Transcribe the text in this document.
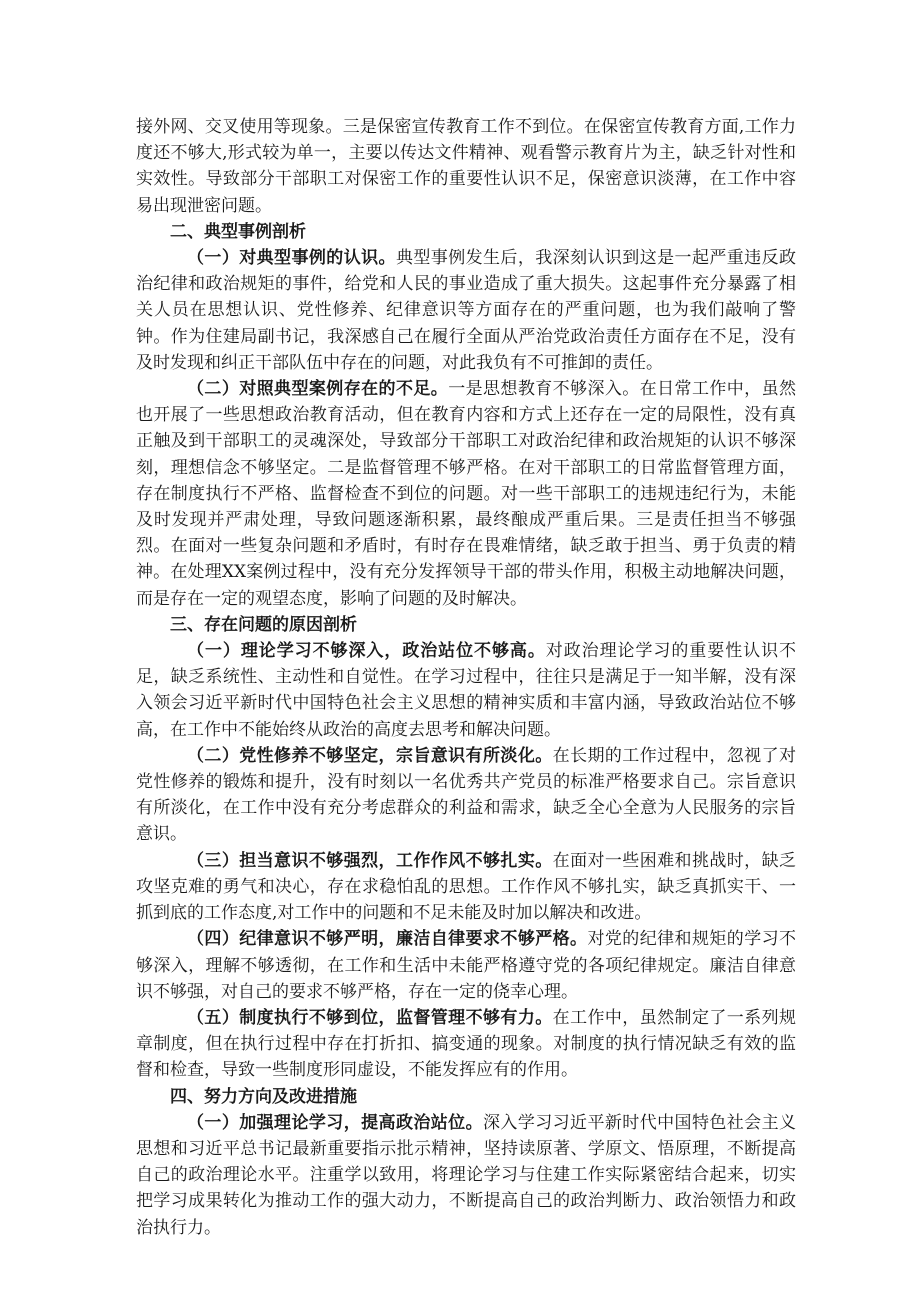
接外网、交叉使用等现象。三是保密宣传教育工作不到位。在保密宣传教育方面,工作力度还不够大,形式较为单一，主要以传达文件精神、观看警示教育片为主，缺乏针对性和实效性。导致部分干部职工对保密工作的重要性认识不足，保密意识淡薄，在工作中容易出现泄密问题。

二、典型事例剖析

（一）对典型事例的认识。典型事例发生后，我深刻认识到这是一起严重违反政治纪律和政治规矩的事件，给党和人民的事业造成了重大损失。这起事件充分暴露了相关人员在思想认识、党性修养、纪律意识等方面存在的严重问题，也为我们敲响了警钟。作为住建局副书记，我深感自己在履行全面从严治党政治责任方面存在不足，没有及时发现和纠正干部队伍中存在的问题，对此我负有不可推卸的责任。

（二）对照典型案例存在的不足。一是思想教育不够深入。在日常工作中，虽然也开展了一些思想政治教育活动，但在教育内容和方式上还存在一定的局限性，没有真正触及到干部职工的灵魂深处，导致部分干部职工对政治纪律和政治规矩的认识不够深刻，理想信念不够坚定。二是监督管理不够严格。在对干部职工的日常监督管理方面，存在制度执行不严格、监督检查不到位的问题。对一些干部职工的违规违纪行为，未能及时发现并严肃处理，导致问题逐渐积累，最终酿成严重后果。三是责任担当不够强烈。在面对一些复杂问题和矛盾时，有时存在畏难情绪，缺乏敢于担当、勇于负责的精神。在处理XX案例过程中，没有充分发挥领导干部的带头作用，积极主动地解决问题，而是存在一定的观望态度，影响了问题的及时解决。

三、存在问题的原因剖析

（一）理论学习不够深入，政治站位不够高。对政治理论学习的重要性认识不足，缺乏系统性、主动性和自觉性。在学习过程中，往往只是满足于一知半解，没有深入领会习近平新时代中国特色社会主义思想的精神实质和丰富内涵，导致政治站位不够高，在工作中不能始终从政治的高度去思考和解决问题。

（二）党性修养不够坚定，宗旨意识有所淡化。在长期的工作过程中，忽视了对党性修养的锻炼和提升，没有时刻以一名优秀共产党员的标准严格要求自己。宗旨意识有所淡化，在工作中没有充分考虑群众的利益和需求，缺乏全心全意为人民服务的宗旨意识。

（三）担当意识不够强烈，工作作风不够扎实。在面对一些困难和挑战时，缺乏攻坚克难的勇气和决心，存在求稳怕乱的思想。工作作风不够扎实，缺乏真抓实干、一抓到底的工作态度,对工作中的问题和不足未能及时加以解决和改进。

（四）纪律意识不够严明，廉洁自律要求不够严格。对党的纪律和规矩的学习不够深入，理解不够透彻，在工作和生活中未能严格遵守党的各项纪律规定。廉洁自律意识不够强，对自己的要求不够严格，存在一定的侥幸心理。

（五）制度执行不够到位，监督管理不够有力。在工作中，虽然制定了一系列规章制度，但在执行过程中存在打折扣、搞变通的现象。对制度的执行情况缺乏有效的监督和检查，导致一些制度形同虚设，不能发挥应有的作用。

四、努力方向及改进措施

（一）加强理论学习，提高政治站位。深入学习习近平新时代中国特色社会主义思想和习近平总书记最新重要指示批示精神，坚持读原著、学原文、悟原理，不断提高自己的政治理论水平。注重学以致用，将理论学习与住建工作实际紧密结合起来，切实把学习成果转化为推动工作的强大动力，不断提高自己的政治判断力、政治领悟力和政治执行力。
